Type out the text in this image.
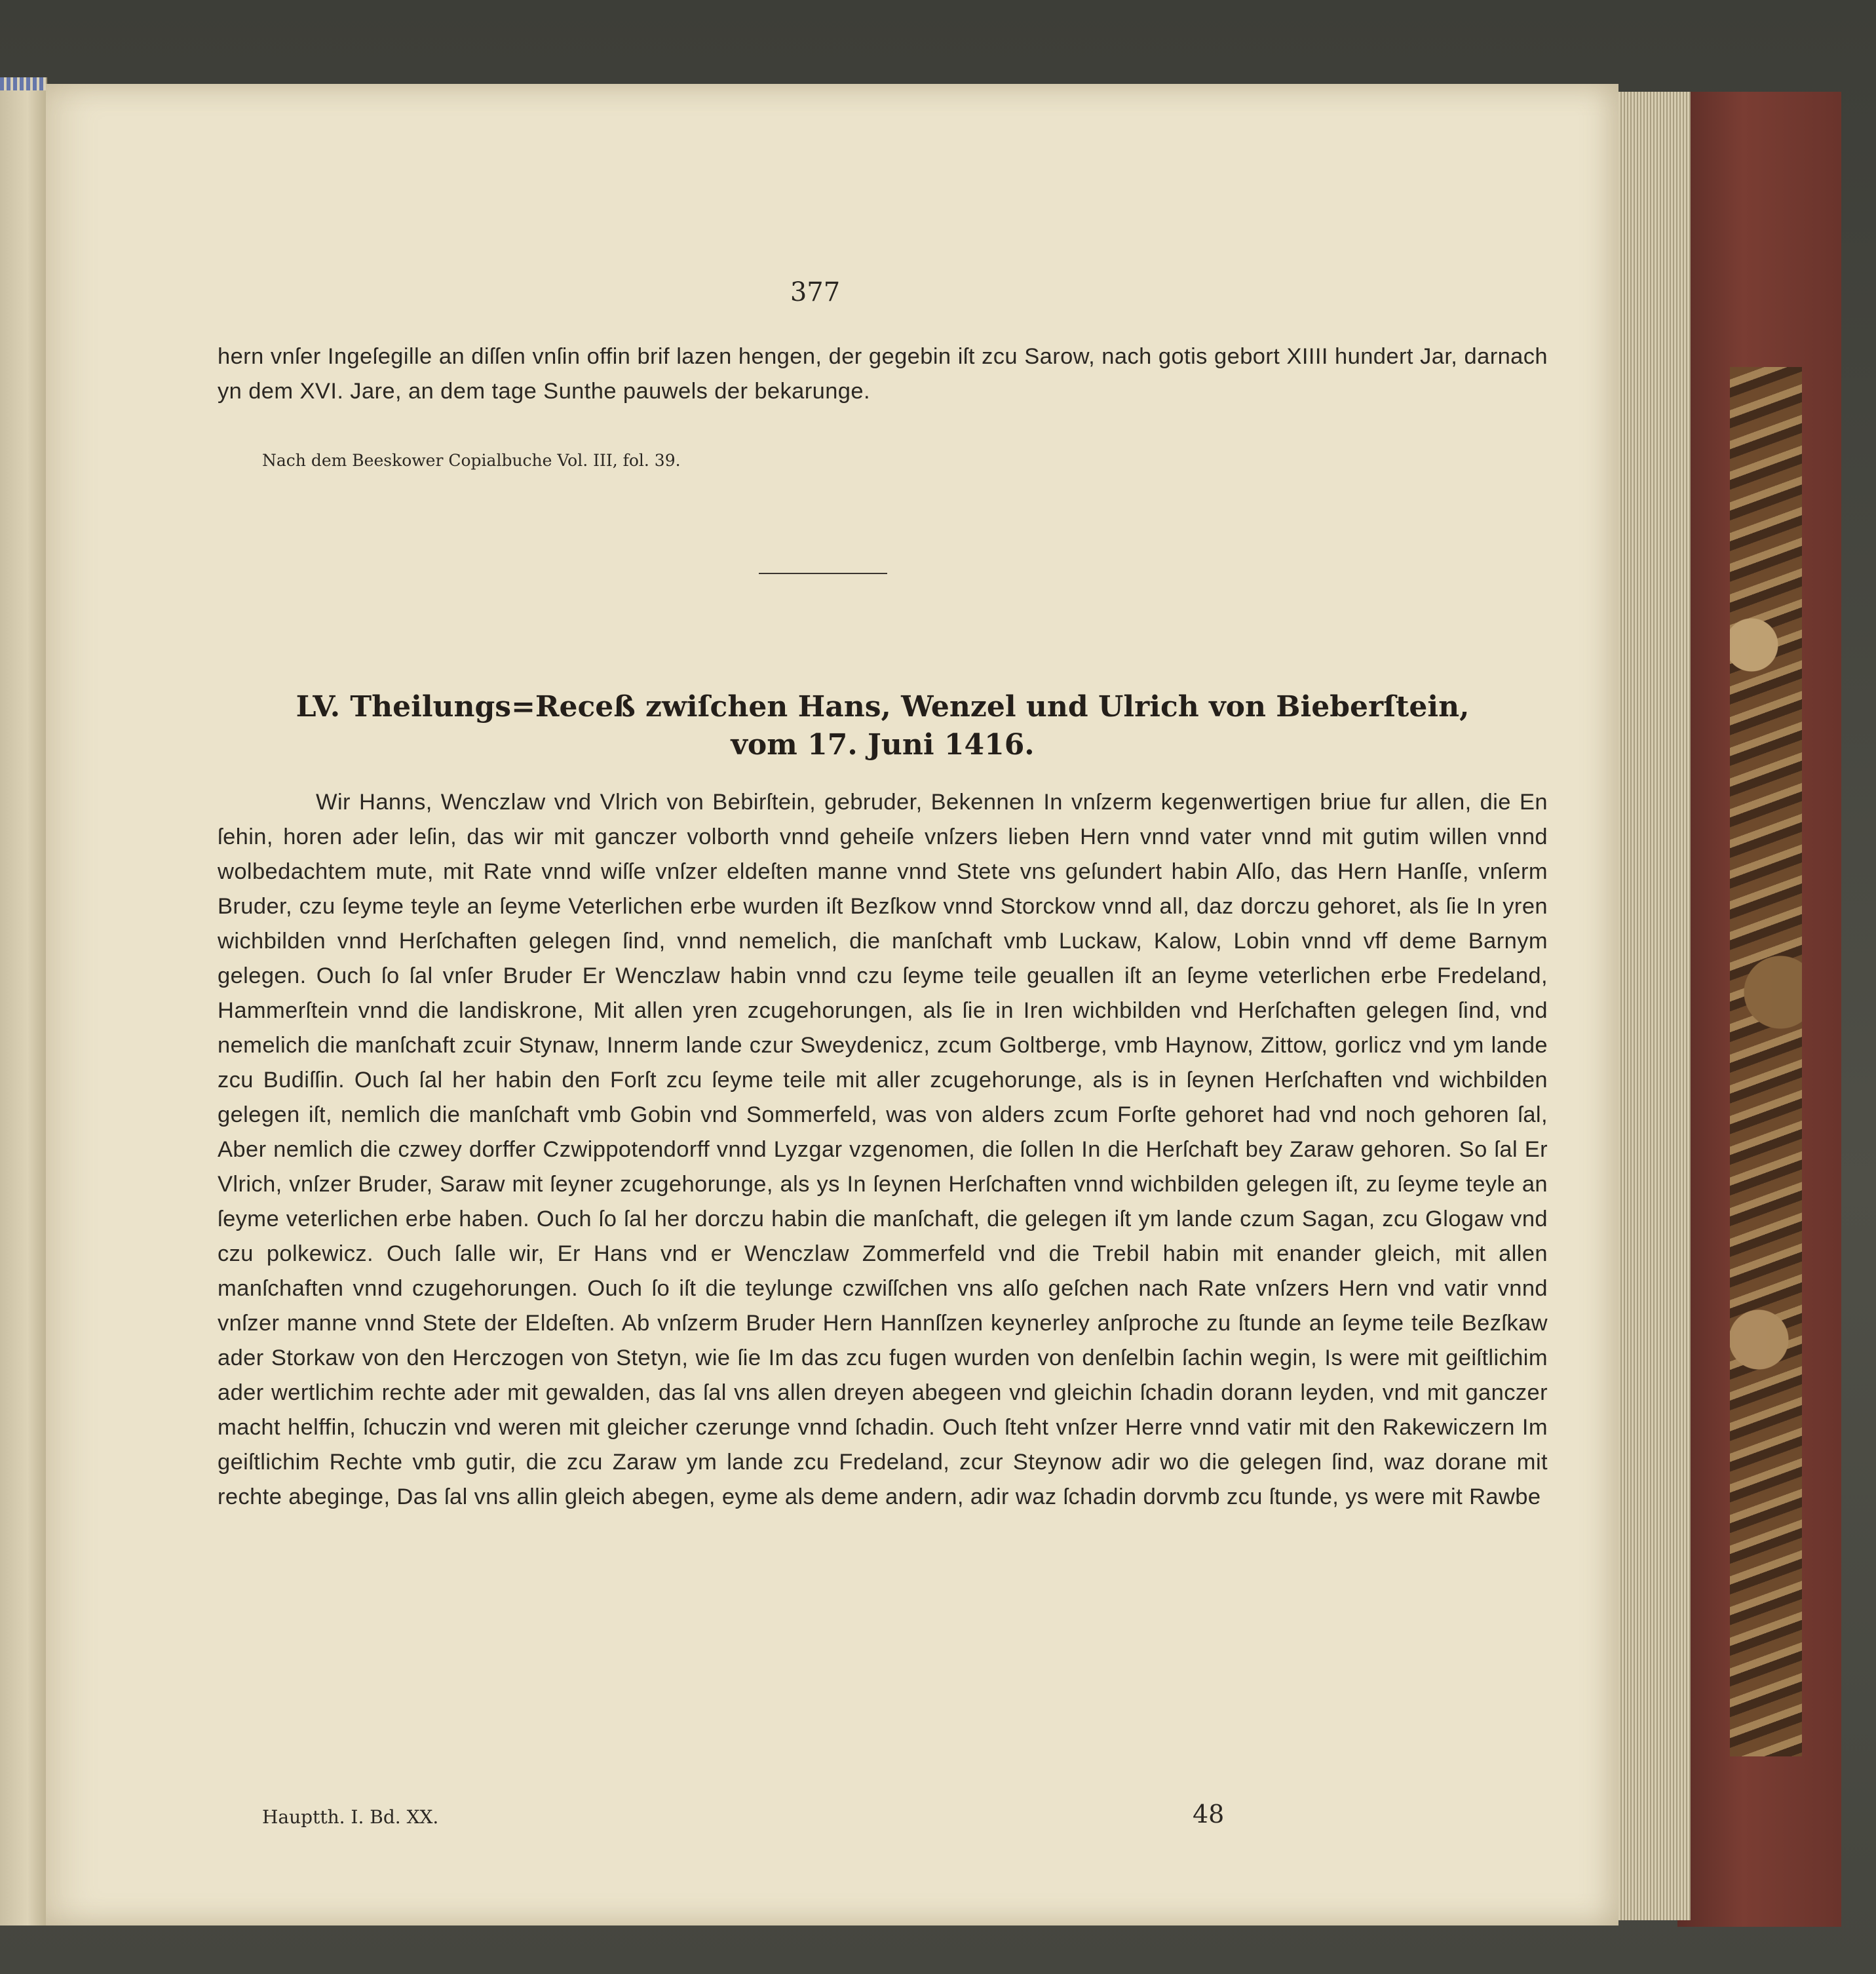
377
hern vnſer Ingeſegille an diſſen vnſin offin brif lazen hengen, der gegebin iſt zcu Sarow, nach gotis gebort XIIII hundert Jar, darnach yn dem XVI. Jare, an dem tage Sunthe pauwels der bekarunge.
Nach dem Beeskower Copialbuche Vol. III, fol. 39.
LV. Theilungs=Receß zwiſchen Hans, Wenzel und Ulrich von Bieberſtein,
vom 17. Juni 1416.
Wir Hanns, Wenczlaw vnd Vlrich von Bebirſtein, gebruder, Bekennen In vnſzerm kegenwertigen briue fur allen, die En ſehin, horen ader leſin, das wir mit ganczer volborth vnnd geheiſe vnſzers lieben Hern vnnd vater vnnd mit gutim willen vnnd wolbedachtem mute, mit Rate vnnd wiſſe vnſzer eldeſten manne vnnd Stete vns geſundert habin Alſo, das Hern Hanſſe, vnſerm Bruder, czu ſeyme teyle an ſeyme Veterlichen erbe wurden iſt Bezſkow vnnd Storckow vnnd all, daz dorczu gehoret, als ſie In yren wichbilden vnnd Herſchaften gelegen ſind, vnnd nemelich, die manſchaft vmb Luckaw, Kalow, Lobin vnnd vff deme Barnym gelegen. Ouch ſo ſal vnſer Bruder Er Wenczlaw habin vnnd czu ſeyme teile geuallen iſt an ſeyme veterlichen erbe Fredeland, Hammerſtein vnnd die landiskrone, Mit allen yren zcugehorungen, als ſie in Iren wichbilden vnd Herſchaften gelegen ſind, vnd nemelich die manſchaft zcuir Stynaw, Innerm lande czur Sweydenicz, zcum Goltberge, vmb Haynow, Zittow, gorlicz vnd ym lande zcu Budiſſin. Ouch ſal her habin den Forſt zcu ſeyme teile mit aller zcugehorunge, als is in ſeynen Herſchaften vnd wichbilden gelegen iſt, nemlich die manſchaft vmb Gobin vnd Sommerfeld, was von alders zcum Forſte gehoret had vnd noch gehoren ſal, Aber nemlich die czwey dorffer Czwippotendorff vnnd Lyzgar vzgenomen, die ſollen In die Herſchaft bey Zaraw gehoren. So ſal Er Vlrich, vnſzer Bruder, Saraw mit ſeyner zcugehorunge, als ys In ſeynen Herſchaften vnnd wichbilden gelegen iſt, zu ſeyme teyle an ſeyme veterlichen erbe haben. Ouch ſo ſal her dorczu habin die manſchaft, die gelegen iſt ym lande czum Sagan, zcu Glogaw vnd czu polkewicz. Ouch ſalle wir, Er Hans vnd er Wenczlaw Zommerfeld vnd die Trebil habin mit enander gleich, mit allen manſchaften vnnd czugehorungen. Ouch ſo iſt die teylunge czwiſſchen vns alſo geſchen nach Rate vnſzers Hern vnd vatir vnnd vnſzer manne vnnd Stete der Eldeſten. Ab vnſzerm Bruder Hern Hannſſzen keynerley anſproche zu ſtunde an ſeyme teile Bezſkaw ader Storkaw von den Herczogen von Stetyn, wie ſie Im das zcu fugen wurden von denſelbin ſachin wegin, Is were mit geiſtlichim ader wertlichim rechte ader mit gewalden, das ſal vns allen dreyen abegeen vnd gleichin ſchadin dorann leyden, vnd mit ganczer macht helffin, ſchuczin vnd weren mit gleicher czerunge vnnd ſchadin. Ouch ſteht vnſzer Herre vnnd vatir mit den Rakewiczern Im geiſtlichim Rechte vmb gutir, die zcu Zaraw ym lande zcu Fredeland, zcur Steynow adir wo die gelegen ſind, waz dorane mit rechte abeginge, Das ſal vns allin gleich abegen, eyme als deme andern, adir waz ſchadin dorvmb zcu ſtunde, ys were mit Rawbe
Hauptth. I. Bd. XX.	48
